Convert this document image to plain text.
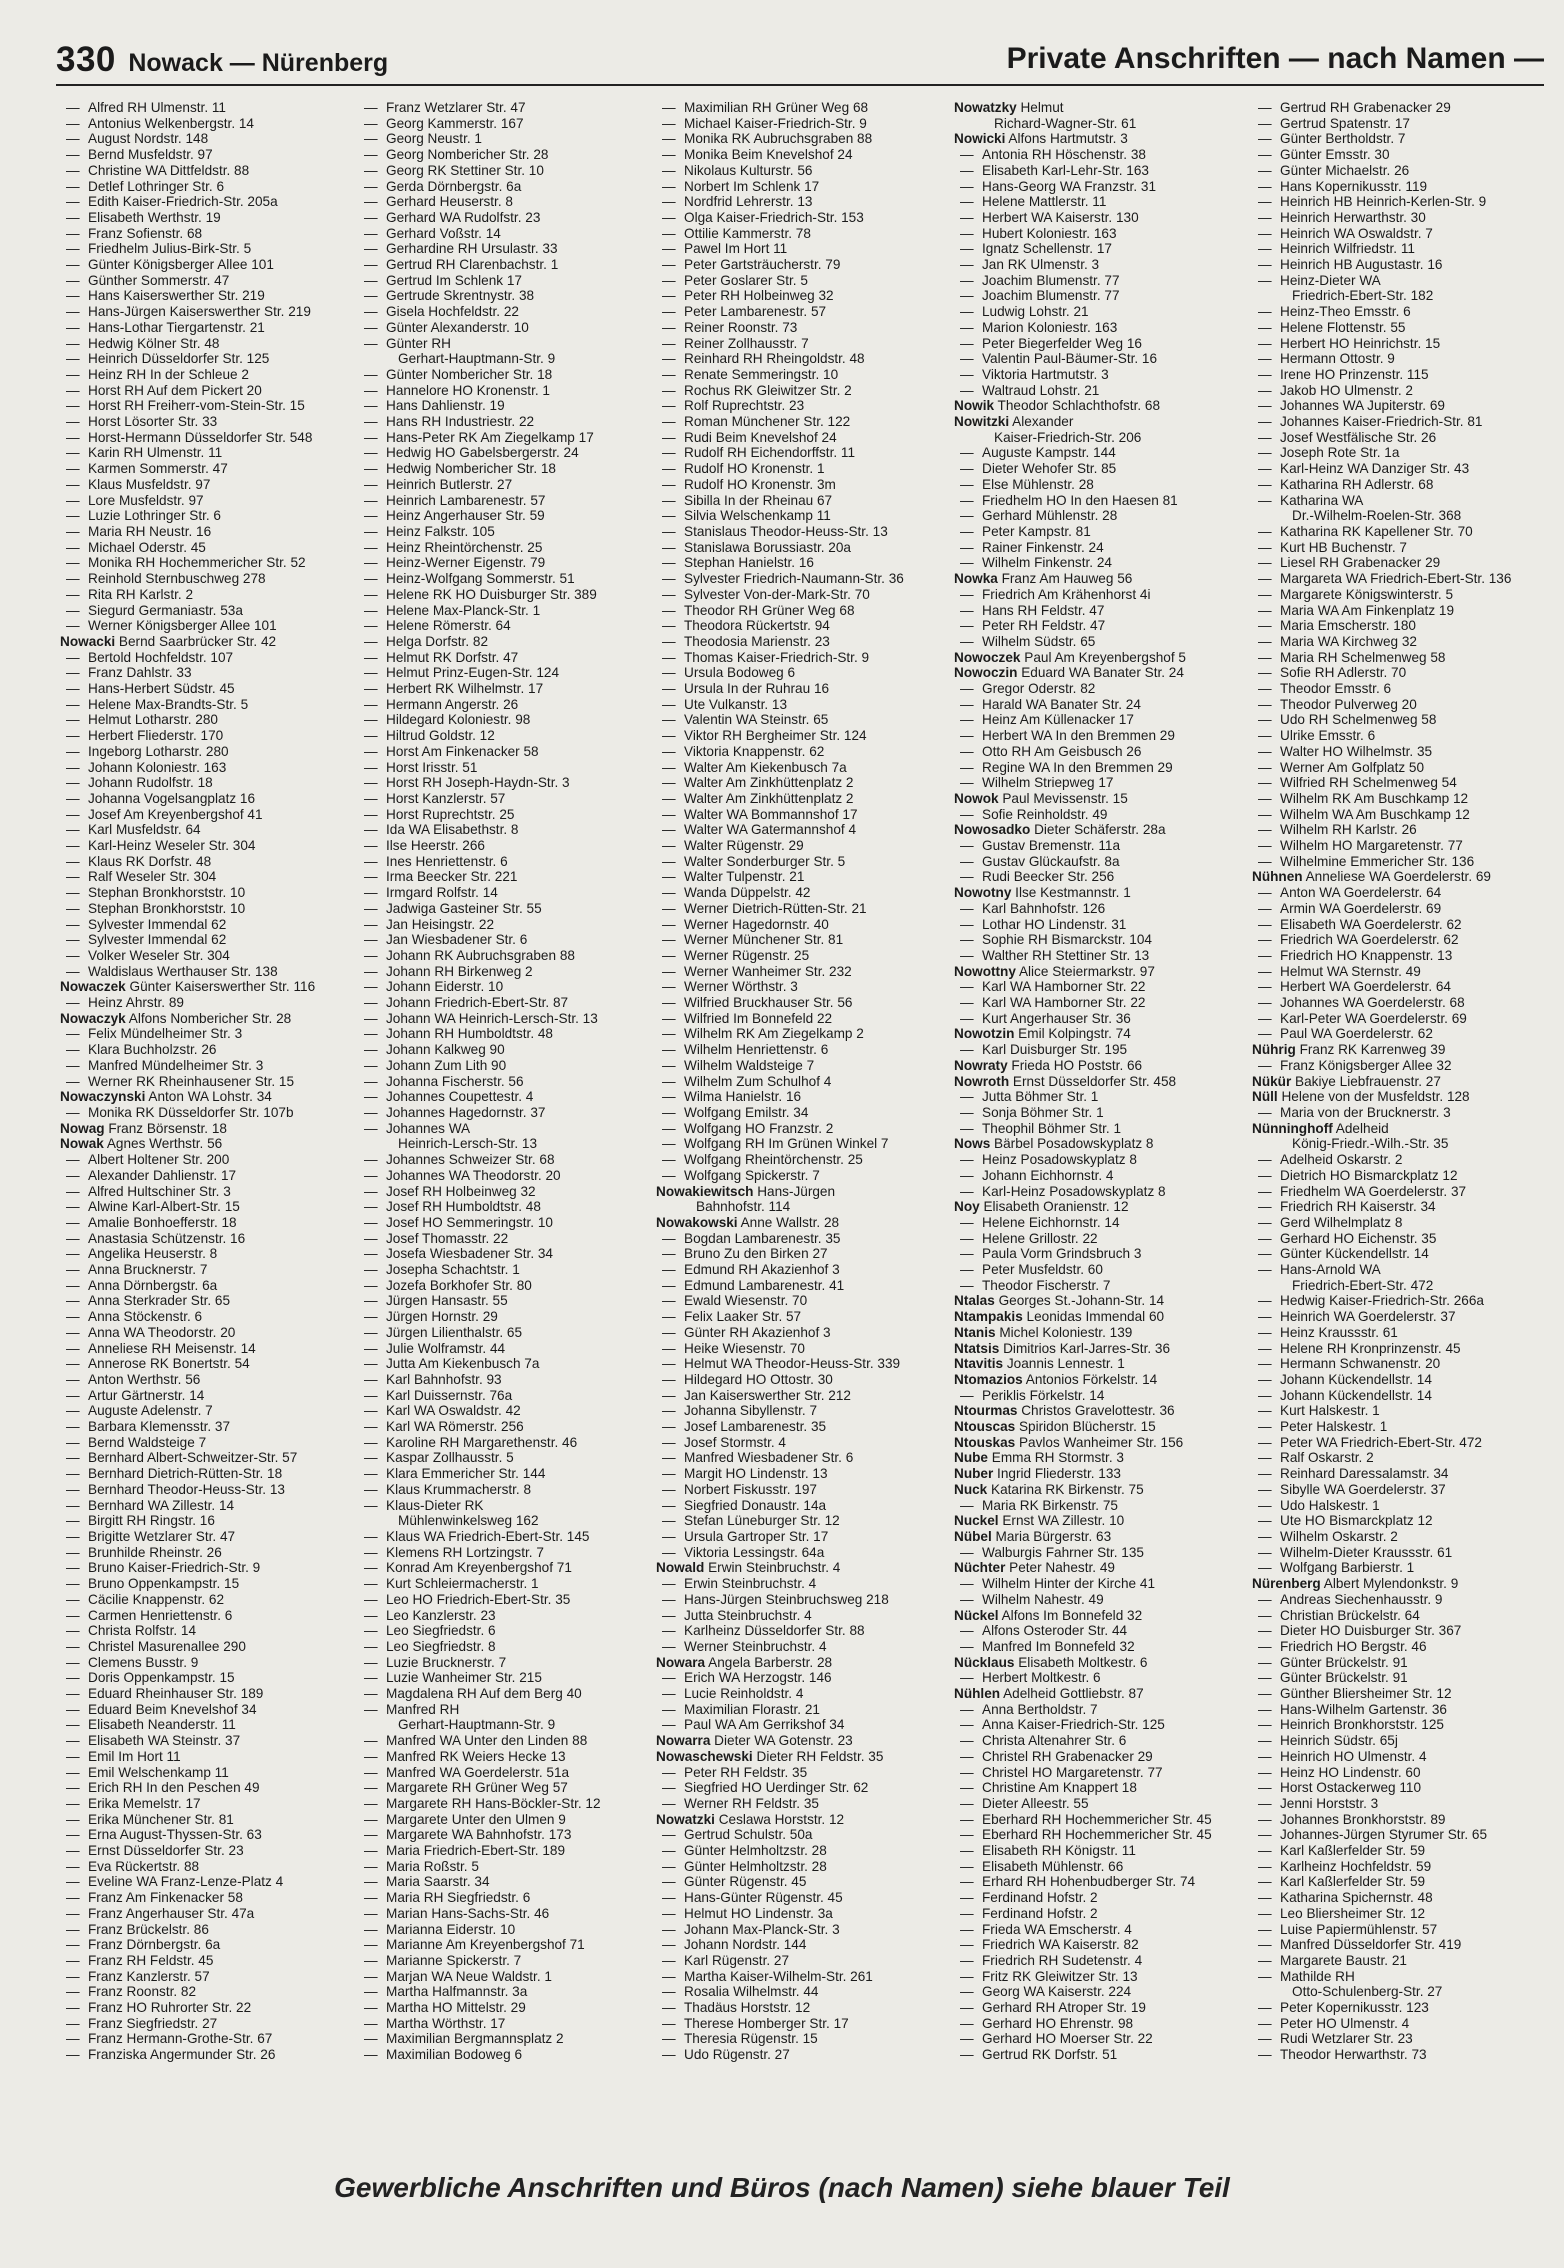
330 Nowack — Nürenberg	Private Anschriften — nach Namen —
— Alfred RH Ulmenstr. 11
— Antonius Welkenbergstr. 14
— August Nordstr. 148
— Bernd Musfeldstr. 97
— Christine WA Dittfeldstr. 88
— Detlef Lothringer Str. 6
— Edith Kaiser-Friedrich-Str. 205a
— Elisabeth Werthstr. 19
— Franz Sofienstr. 68
— Friedhelm Julius-Birk-Str. 5
— Günter Königsberger Allee 101
— Günther Sommerstr. 47
— Hans Kaiserswerther Str. 219
— Hans-Jürgen Kaiserswerther Str. 219
— Hans-Lothar Tiergartenstr. 21
— Hedwig Kölner Str. 48
— Heinrich Düsseldorfer Str. 125
— Heinz RH In der Schleue 2
— Horst RH Auf dem Pickert 20
— Horst RH Freiherr-vom-Stein-Str. 15
— Horst Lösorter Str. 33
— Horst-Hermann Düsseldorfer Str. 548
— Karin RH Ulmenstr. 11
— Karmen Sommerstr. 47
— Klaus Musfeldstr. 97
— Lore Musfeldstr. 97
— Luzie Lothringer Str. 6
— Maria RH Neustr. 16
— Michael Oderstr. 45
— Monika RH Hochemmericher Str. 52
— Reinhold Sternbuschweg 278
— Rita RH Karlstr. 2
— Siegurd Germaniastr. 53a
— Werner Königsberger Allee 101
Nowacki Bernd Saarbrücker Str. 42
— Bertold Hochfeldstr. 107
— Franz Dahlstr. 33
— Hans-Herbert Südstr. 45
— Helene Max-Brandts-Str. 5
— Helmut Lotharstr. 280
— Herbert Fliederstr. 170
— Ingeborg Lotharstr. 280
— Johann Koloniestr. 163
— Johann Rudolfstr. 18
— Johanna Vogelsangplatz 16
— Josef Am Kreyenbergshof 41
— Karl Musfeldstr. 64
— Karl-Heinz Weseler Str. 304
— Klaus RK Dorfstr. 48
— Ralf Weseler Str. 304
— Stephan Bronkhorststr. 10
— Stephan Bronkhorststr. 10
— Sylvester Immendal 62
— Sylvester Immendal 62
— Volker Weseler Str. 304
— Waldislaus Werthauser Str. 138
Nowaczek Günter Kaiserswerther Str. 116
— Heinz Ahrstr. 89
Nowaczyk Alfons Nombericher Str. 28
— Felix Mündelheimer Str. 3
— Klara Buchholzstr. 26
— Manfred Mündelheimer Str. 3
— Werner RK Rheinhausener Str. 15
Nowaczynski Anton WA Lohstr. 34
— Monika RK Düsseldorfer Str. 107b
Nowag Franz Börsenstr. 18
Nowak Agnes Werthstr. 56
— Albert Holtener Str. 200
— Alexander Dahlienstr. 17
— Alfred Hultschiner Str. 3
— Alwine Karl-Albert-Str. 15
— Amalie Bonhoefferstr. 18
— Anastasia Schützenstr. 16
— Angelika Heuserstr. 8
— Anna Brucknerstr. 7
— Anna Dörnbergstr. 6a
— Anna Sterkrader Str. 65
— Anna Stöckenstr. 6
— Anna WA Theodorstr. 20
— Anneliese RH Meisenstr. 14
— Annerose RK Bonertstr. 54
— Anton Werthstr. 56
— Artur Gärtnerstr. 14
— Auguste Adelenstr. 7
— Barbara Klemensstr. 37
— Bernd Waldsteige 7
— Bernhard Albert-Schweitzer-Str. 57
— Bernhard Dietrich-Rütten-Str. 18
— Bernhard Theodor-Heuss-Str. 13
— Bernhard WA Zillestr. 14
— Birgitt RH Ringstr. 16
— Brigitte Wetzlarer Str. 47
— Brunhilde Rheinstr. 26
— Bruno Kaiser-Friedrich-Str. 9
— Bruno Oppenkampstr. 15
— Cäcilie Knappenstr. 62
— Carmen Henriettenstr. 6
— Christa Rolfstr. 14
— Christel Masurenallee 290
— Clemens Busstr. 9
— Doris Oppenkampstr. 15
— Eduard Rheinhauser Str. 189
— Eduard Beim Knevelshof 34
— Elisabeth Neanderstr. 11
— Elisabeth WA Steinstr. 37
— Emil Im Hort 11
— Emil Welschenkamp 11
— Erich RH In den Peschen 49
— Erika Memelstr. 17
— Erika Münchener Str. 81
— Erna August-Thyssen-Str. 63
— Ernst Düsseldorfer Str. 23
— Eva Rückertstr. 88
— Eveline WA Franz-Lenze-Platz 4
— Franz Am Finkenacker 58
— Franz Angerhauser Str. 47a
— Franz Brückelstr. 86
— Franz Dörnbergstr. 6a
— Franz RH Feldstr. 45
— Franz Kanzlerstr. 57
— Franz Roonstr. 82
— Franz HO Ruhrorter Str. 22
— Franz Siegfriedstr. 27
— Franz Hermann-Grothe-Str. 67
— Franziska Angermunder Str. 26
— Franz Wetzlarer Str. 47
— Georg Kammerstr. 167
— Georg Neustr. 1
— Georg Nombericher Str. 28
— Georg RK Stettiner Str. 10
— Gerda Dörnbergstr. 6a
— Gerhard Heuserstr. 8
— Gerhard WA Rudolfstr. 23
— Gerhard Voßstr. 14
— Gerhardine RH Ursulastr. 33
— Gertrud RH Clarenbachstr. 1
— Gertrud Im Schlenk 17
— Gertrude Skrentnystr. 38
— Gisela Hochfeldstr. 22
— Günter Alexanderstr. 10
— Günter RH
Gerhart-Hauptmann-Str. 9
— Günter Nombericher Str. 18
— Hannelore HO Kronenstr. 1
— Hans Dahlienstr. 19
— Hans RH Industriestr. 22
— Hans-Peter RK Am Ziegelkamp 17
— Hedwig HO Gabelsbergerstr. 24
— Hedwig Nombericher Str. 18
— Heinrich Butlerstr. 27
— Heinrich Lambarenestr. 57
— Heinz Angerhauser Str. 59
— Heinz Falkstr. 105
— Heinz Rheintörchenstr. 25
— Heinz-Werner Eigenstr. 79
— Heinz-Wolfgang Sommerstr. 51
— Helene RK HO Duisburger Str. 389
— Helene Max-Planck-Str. 1
— Helene Römerstr. 64
— Helga Dorfstr. 82
— Helmut RK Dorfstr. 47
— Helmut Prinz-Eugen-Str. 124
— Herbert RK Wilhelmstr. 17
— Hermann Angerstr. 26
— Hildegard Koloniestr. 98
— Hiltrud Goldstr. 12
— Horst Am Finkenacker 58
— Horst Irisstr. 51
— Horst RH Joseph-Haydn-Str. 3
— Horst Kanzlerstr. 57
— Horst Ruprechtstr. 25
— Ida WA Elisabethstr. 8
— Ilse Heerstr. 266
— Ines Henriettenstr. 6
— Irma Beecker Str. 221
— Irmgard Rolfstr. 14
— Jadwiga Gasteiner Str. 55
— Jan Heisingstr. 22
— Jan Wiesbadener Str. 6
— Johann RK Aubruchsgraben 88
— Johann RH Birkenweg 2
— Johann Eiderstr. 10
— Johann Friedrich-Ebert-Str. 87
— Johann WA Heinrich-Lersch-Str. 13
— Johann RH Humboldtstr. 48
— Johann Kalkweg 90
— Johann Zum Lith 90
— Johanna Fischerstr. 56
— Johannes Coupettestr. 4
— Johannes Hagedornstr. 37
— Johannes WA
Heinrich-Lersch-Str. 13
— Johannes Schweizer Str. 68
— Johannes WA Theodorstr. 20
— Josef RH Holbeinweg 32
— Josef RH Humboldtstr. 48
— Josef HO Semmeringstr. 10
— Josef Thomasstr. 22
— Josefa Wiesbadener Str. 34
— Josepha Schachtstr. 1
— Jozefa Borkhofer Str. 80
— Jürgen Hansastr. 55
— Jürgen Hornstr. 29
— Jürgen Lilienthalstr. 65
— Julie Wolframstr. 44
— Jutta Am Kiekenbusch 7a
— Karl Bahnhofstr. 93
— Karl Duissernstr. 76a
— Karl WA Oswaldstr. 42
— Karl WA Römerstr. 256
— Karoline RH Margarethenstr. 46
— Kaspar Zollhausstr. 5
— Klara Emmericher Str. 144
— Klaus Krummacherstr. 8
— Klaus-Dieter RK
Mühlenwinkelsweg 162
— Klaus WA Friedrich-Ebert-Str. 145
— Klemens RH Lortzingstr. 7
— Konrad Am Kreyenbergshof 71
— Kurt Schleiermacherstr. 1
— Leo HO Friedrich-Ebert-Str. 35
— Leo Kanzlerstr. 23
— Leo Siegfriedstr. 6
— Leo Siegfriedstr. 8
— Luzie Brucknerstr. 7
— Luzie Wanheimer Str. 215
— Magdalena RH Auf dem Berg 40
— Manfred RH
Gerhart-Hauptmann-Str. 9
— Manfred WA Unter den Linden 88
— Manfred RK Weiers Hecke 13
— Manfred WA Goerdelerstr. 51a
— Margarete RH Grüner Weg 57
— Margarete RH Hans-Böckler-Str. 12
— Margarete Unter den Ulmen 9
— Margarete WA Bahnhofstr. 173
— Maria Friedrich-Ebert-Str. 189
— Maria Roßstr. 5
— Maria Saarstr. 34
— Maria RH Siegfriedstr. 6
— Marian Hans-Sachs-Str. 46
— Marianna Eiderstr. 10
— Marianne Am Kreyenbergshof 71
— Marianne Spickerstr. 7
— Marjan WA Neue Waldstr. 1
— Martha Halfmannstr. 3a
— Martha HO Mittelstr. 29
— Martha Wörthstr. 17
— Maximilian Bergmannsplatz 2
— Maximilian Bodoweg 6
— Maximilian RH Grüner Weg 68
— Michael Kaiser-Friedrich-Str. 9
— Monika RK Aubruchsgraben 88
— Monika Beim Knevelshof 24
— Nikolaus Kulturstr. 56
— Norbert Im Schlenk 17
— Nordfrid Lehrerstr. 13
— Olga Kaiser-Friedrich-Str. 153
— Ottilie Kammerstr. 78
— Pawel Im Hort 11
— Peter Gartsträucherstr. 79
— Peter Goslarer Str. 5
— Peter RH Holbeinweg 32
— Peter Lambarenestr. 57
— Reiner Roonstr. 73
— Reiner Zollhausstr. 7
— Reinhard RH Rheingoldstr. 48
— Renate Semmeringstr. 10
— Rochus RK Gleiwitzer Str. 2
— Rolf Ruprechtstr. 23
— Roman Münchener Str. 122
— Rudi Beim Knevelshof 24
— Rudolf RH Eichendorffstr. 11
— Rudolf HO Kronenstr. 1
— Rudolf HO Kronenstr. 3m
— Sibilla In der Rheinau 67
— Silvia Welschenkamp 11
— Stanislaus Theodor-Heuss-Str. 13
— Stanislawa Borussiastr. 20a
— Stephan Hanielstr. 16
— Sylvester Friedrich-Naumann-Str. 36
— Sylvester Von-der-Mark-Str. 70
— Theodor RH Grüner Weg 68
— Theodora Rückertstr. 94
— Theodosia Marienstr. 23
— Thomas Kaiser-Friedrich-Str. 9
— Ursula Bodoweg 6
— Ursula In der Ruhrau 16
— Ute Vulkanstr. 13
— Valentin WA Steinstr. 65
— Viktor RH Bergheimer Str. 124
— Viktoria Knappenstr. 62
— Walter Am Kiekenbusch 7a
— Walter Am Zinkhüttenplatz 2
— Walter Am Zinkhüttenplatz 2
— Walter WA Bommannshof 17
— Walter WA Gatermannshof 4
— Walter Rügenstr. 29
— Walter Sonderburger Str. 5
— Walter Tulpenstr. 21
— Wanda Düppelstr. 42
— Werner Dietrich-Rütten-Str. 21
— Werner Hagedornstr. 40
— Werner Münchener Str. 81
— Werner Rügenstr. 25
— Werner Wanheimer Str. 232
— Werner Wörthstr. 3
— Wilfried Bruckhauser Str. 56
— Wilfried Im Bonnefeld 22
— Wilhelm RK Am Ziegelkamp 2
— Wilhelm Henriettenstr. 6
— Wilhelm Waldsteige 7
— Wilhelm Zum Schulhof 4
— Wilma Hanielstr. 16
— Wolfgang Emilstr. 34
— Wolfgang HO Franzstr. 2
— Wolfgang RH Im Grünen Winkel 7
— Wolfgang Rheintörchenstr. 25
— Wolfgang Spickerstr. 7
Nowakiewitsch Hans-Jürgen
Bahnhofstr. 114
Nowakowski Anne Wallstr. 28
— Bogdan Lambarenestr. 35
— Bruno Zu den Birken 27
— Edmund RH Akazienhof 3
— Edmund Lambarenestr. 41
— Ewald Wiesenstr. 70
— Felix Laaker Str. 57
— Günter RH Akazienhof 3
— Heike Wiesenstr. 70
— Helmut WA Theodor-Heuss-Str. 339
— Hildegard HO Ottostr. 30
— Jan Kaiserswerther Str. 212
— Johanna Sibyllenstr. 7
— Josef Lambarenestr. 35
— Josef Stormstr. 4
— Manfred Wiesbadener Str. 6
— Margit HO Lindenstr. 13
— Norbert Fiskusstr. 197
— Siegfried Donaustr. 14a
— Stefan Lüneburger Str. 12
— Ursula Gartroper Str. 17
— Viktoria Lessingstr. 64a
Nowald Erwin Steinbruchstr. 4
— Erwin Steinbruchstr. 4
— Hans-Jürgen Steinbruchsweg 218
— Jutta Steinbruchstr. 4
— Karlheinz Düsseldorfer Str. 88
— Werner Steinbruchstr. 4
Nowara Angela Barberstr. 28
— Erich WA Herzogstr. 146
— Lucie Reinholdstr. 4
— Maximilian Florastr. 21
— Paul WA Am Gerrikshof 34
Nowarra Dieter WA Gotenstr. 23
Nowaschewski Dieter RH Feldstr. 35
— Peter RH Feldstr. 35
— Siegfried HO Uerdinger Str. 62
— Werner RH Feldstr. 35
Nowatzki Ceslawa Horststr. 12
— Gertrud Schulstr. 50a
— Günter Helmholtzstr. 28
— Günter Helmholtzstr. 28
— Günter Rügenstr. 45
— Hans-Günter Rügenstr. 45
— Helmut HO Lindenstr. 3a
— Johann Max-Planck-Str. 3
— Johann Nordstr. 144
— Karl Rügenstr. 27
— Martha Kaiser-Wilhelm-Str. 261
— Rosalia Wilhelmstr. 44
— Thadäus Horststr. 12
— Therese Homberger Str. 17
— Theresia Rügenstr. 15
— Udo Rügenstr. 27
Nowatzky Helmut
Richard-Wagner-Str. 61
Nowicki Alfons Hartmutstr. 3
— Antonia RH Höschenstr. 38
— Elisabeth Karl-Lehr-Str. 163
— Hans-Georg WA Franzstr. 31
— Helene Mattlerstr. 11
— Herbert WA Kaiserstr. 130
— Hubert Koloniestr. 163
— Ignatz Schellenstr. 17
— Jan RK Ulmenstr. 3
— Joachim Blumenstr. 77
— Joachim Blumenstr. 77
— Ludwig Lohstr. 21
— Marion Koloniestr. 163
— Peter Biegerfelder Weg 16
— Valentin Paul-Bäumer-Str. 16
— Viktoria Hartmutstr. 3
— Waltraud Lohstr. 21
Nowik Theodor Schlachthofstr. 68
Nowitzki Alexander
Kaiser-Friedrich-Str. 206
— Auguste Kampstr. 144
— Dieter Wehofer Str. 85
— Else Mühlenstr. 28
— Friedhelm HO In den Haesen 81
— Gerhard Mühlenstr. 28
— Peter Kampstr. 81
— Rainer Finkenstr. 24
— Wilhelm Finkenstr. 24
Nowka Franz Am Hauweg 56
— Friedrich Am Krähenhorst 4i
— Hans RH Feldstr. 47
— Peter RH Feldstr. 47
— Wilhelm Südstr. 65
Nowoczek Paul Am Kreyenbergshof 5
Nowoczin Eduard WA Banater Str. 24
— Gregor Oderstr. 82
— Harald WA Banater Str. 24
— Heinz Am Küllenacker 17
— Herbert WA In den Bremmen 29
— Otto RH Am Geisbusch 26
— Regine WA In den Bremmen 29
— Wilhelm Striepweg 17
Nowok Paul Mevissenstr. 15
— Sofie Reinholdstr. 49
Nowosadko Dieter Schäferstr. 28a
— Gustav Bremenstr. 11a
— Gustav Glückaufstr. 8a
— Rudi Beecker Str. 256
Nowotny Ilse Kestmannstr. 1
— Karl Bahnhofstr. 126
— Lothar HO Lindenstr. 31
— Sophie RH Bismarckstr. 104
— Walther RH Stettiner Str. 13
Nowottny Alice Steiermarkstr. 97
— Karl WA Hamborner Str. 22
— Karl WA Hamborner Str. 22
— Kurt Angerhauser Str. 36
Nowotzin Emil Kolpingstr. 74
— Karl Duisburger Str. 195
Nowraty Frieda HO Poststr. 66
Nowroth Ernst Düsseldorfer Str. 458
— Jutta Böhmer Str. 1
— Sonja Böhmer Str. 1
— Theophil Böhmer Str. 1
Nows Bärbel Posadowskyplatz 8
— Heinz Posadowskyplatz 8
— Johann Eichhornstr. 4
— Karl-Heinz Posadowskyplatz 8
Noy Elisabeth Oranienstr. 12
— Helene Eichhornstr. 14
— Helene Grillostr. 22
— Paula Vorm Grindsbruch 3
— Peter Musfeldstr. 60
— Theodor Fischerstr. 7
Ntalas Georges St.-Johann-Str. 14
Ntampakis Leonidas Immendal 60
Ntanis Michel Koloniestr. 139
Ntatsis Dimitrios Karl-Jarres-Str. 36
Ntavitis Joannis Lennestr. 1
Ntomazios Antonios Förkelstr. 14
— Periklis Förkelstr. 14
Ntourmas Christos Gravelottestr. 36
Ntouscas Spiridon Blücherstr. 15
Ntouskas Pavlos Wanheimer Str. 156
Nube Emma RH Stormstr. 3
Nuber Ingrid Fliederstr. 133
Nuck Katarina RK Birkenstr. 75
— Maria RK Birkenstr. 75
Nuckel Ernst WA Zillestr. 10
Nübel Maria Bürgerstr. 63
— Walburgis Fahrner Str. 135
Nüchter Peter Nahestr. 49
— Wilhelm Hinter der Kirche 41
— Wilhelm Nahestr. 49
Nückel Alfons Im Bonnefeld 32
— Alfons Osteroder Str. 44
— Manfred Im Bonnefeld 32
Nücklaus Elisabeth Moltkestr. 6
— Herbert Moltkestr. 6
Nühlen Adelheid Gottliebstr. 87
— Anna Bertholdstr. 7
— Anna Kaiser-Friedrich-Str. 125
— Christa Altenahrer Str. 6
— Christel RH Grabenacker 29
— Christel HO Margaretenstr. 77
— Christine Am Knappert 18
— Dieter Alleestr. 55
— Eberhard RH Hochemmericher Str. 45
— Eberhard RH Hochemmericher Str. 45
— Elisabeth RH Königstr. 11
— Elisabeth Mühlenstr. 66
— Erhard RH Hohenbudberger Str. 74
— Ferdinand Hofstr. 2
— Ferdinand Hofstr. 2
— Frieda WA Emscherstr. 4
— Friedrich WA Kaiserstr. 82
— Friedrich RH Sudetenstr. 4
— Fritz RK Gleiwitzer Str. 13
— Georg WA Kaiserstr. 224
— Gerhard RH Atroper Str. 19
— Gerhard HO Ehrenstr. 98
— Gerhard HO Moerser Str. 22
— Gertrud RK Dorfstr. 51
— Gertrud RH Grabenacker 29
— Gertrud Spatenstr. 17
— Günter Bertholdstr. 7
— Günter Emsstr. 30
— Günter Michaelstr. 26
— Hans Kopernikusstr. 119
— Heinrich HB Heinrich-Kerlen-Str. 9
— Heinrich Herwarthstr. 30
— Heinrich WA Oswaldstr. 7
— Heinrich Wilfriedstr. 11
— Heinrich HB Augustastr. 16
— Heinz-Dieter WA
Friedrich-Ebert-Str. 182
— Heinz-Theo Emsstr. 6
— Helene Flottenstr. 55
— Herbert HO Heinrichstr. 15
— Hermann Ottostr. 9
— Irene HO Prinzenstr. 115
— Jakob HO Ulmenstr. 2
— Johannes WA Jupiterstr. 69
— Johannes Kaiser-Friedrich-Str. 81
— Josef Westfälische Str. 26
— Joseph Rote Str. 1a
— Karl-Heinz WA Danziger Str. 43
— Katharina RH Adlerstr. 68
— Katharina WA
Dr.-Wilhelm-Roelen-Str. 368
— Katharina RK Kapellener Str. 70
— Kurt HB Buchenstr. 7
— Liesel RH Grabenacker 29
— Margareta WA Friedrich-Ebert-Str. 136
— Margarete Königswinterstr. 5
— Maria WA Am Finkenplatz 19
— Maria Emscherstr. 180
— Maria WA Kirchweg 32
— Maria RH Schelmenweg 58
— Sofie RH Adlerstr. 70
— Theodor Emsstr. 6
— Theodor Pulverweg 20
— Udo RH Schelmenweg 58
— Ulrike Emsstr. 6
— Walter HO Wilhelmstr. 35
— Werner Am Golfplatz 50
— Wilfried RH Schelmenweg 54
— Wilhelm RK Am Buschkamp 12
— Wilhelm WA Am Buschkamp 12
— Wilhelm RH Karlstr. 26
— Wilhelm HO Margaretenstr. 77
— Wilhelmine Emmericher Str. 136
Nühnen Anneliese WA Goerdelerstr. 69
— Anton WA Goerdelerstr. 64
— Armin WA Goerdelerstr. 69
— Elisabeth WA Goerdelerstr. 62
— Friedrich WA Goerdelerstr. 62
— Friedrich HO Knappenstr. 13
— Helmut WA Sternstr. 49
— Herbert WA Goerdelerstr. 64
— Johannes WA Goerdelerstr. 68
— Karl-Peter WA Goerdelerstr. 69
— Paul WA Goerdelerstr. 62
Nührig Franz RK Karrenweg 39
— Franz Königsberger Allee 32
Nükür Bakiye Liebfrauenstr. 27
Nüll Helene von der Musfeldstr. 128
— Maria von der Brucknerstr. 3
Nünninghoff Adelheid
König-Friedr.-Wilh.-Str. 35
— Adelheid Oskarstr. 2
— Dietrich HO Bismarckplatz 12
— Friedhelm WA Goerdelerstr. 37
— Friedrich RH Kaiserstr. 34
— Gerd Wilhelmplatz 8
— Gerhard HO Eichenstr. 35
— Günter Kückendellstr. 14
— Hans-Arnold WA
Friedrich-Ebert-Str. 472
— Hedwig Kaiser-Friedrich-Str. 266a
— Heinrich WA Goerdelerstr. 37
— Heinz Kraussstr. 61
— Helene RH Kronprinzenstr. 45
— Hermann Schwanenstr. 20
— Johann Kückendellstr. 14
— Johann Kückendellstr. 14
— Kurt Halskestr. 1
— Peter Halskestr. 1
— Peter WA Friedrich-Ebert-Str. 472
— Ralf Oskarstr. 2
— Reinhard Daressalamstr. 34
— Sibylle WA Goerdelerstr. 37
— Udo Halskestr. 1
— Ute HO Bismarckplatz 12
— Wilhelm Oskarstr. 2
— Wilhelm-Dieter Kraussstr. 61
— Wolfgang Barbierstr. 1
Nürenberg Albert Mylendonkstr. 9
— Andreas Siechenhausstr. 9
— Christian Brückelstr. 64
— Dieter HO Duisburger Str. 367
— Friedrich HO Bergstr. 46
— Günter Brückelstr. 91
— Günter Brückelstr. 91
— Günther Bliersheimer Str. 12
— Hans-Wilhelm Gartenstr. 36
— Heinrich Bronkhorststr. 125
— Heinrich Südstr. 65j
— Heinrich HO Ulmenstr. 4
— Heinz HO Lindenstr. 60
— Horst Ostackerweg 110
— Jenni Horststr. 3
— Johannes Bronkhorststr. 89
— Johannes-Jürgen Styrumer Str. 65
— Karl Kaßlerfelder Str. 59
— Karlheinz Hochfeldstr. 59
— Karl Kaßlerfelder Str. 59
— Katharina Spichernstr. 48
— Leo Bliersheimer Str. 12
— Luise Papiermühlenstr. 57
— Manfred Düsseldorfer Str. 419
— Margarete Baustr. 21
— Mathilde RH
Otto-Schulenberg-Str. 27
— Peter Kopernikusstr. 123
— Peter HO Ulmenstr. 4
— Rudi Wetzlarer Str. 23
— Theodor Herwarthstr. 73
Gewerbliche Anschriften und Büros (nach Namen) siehe blauer Teil
